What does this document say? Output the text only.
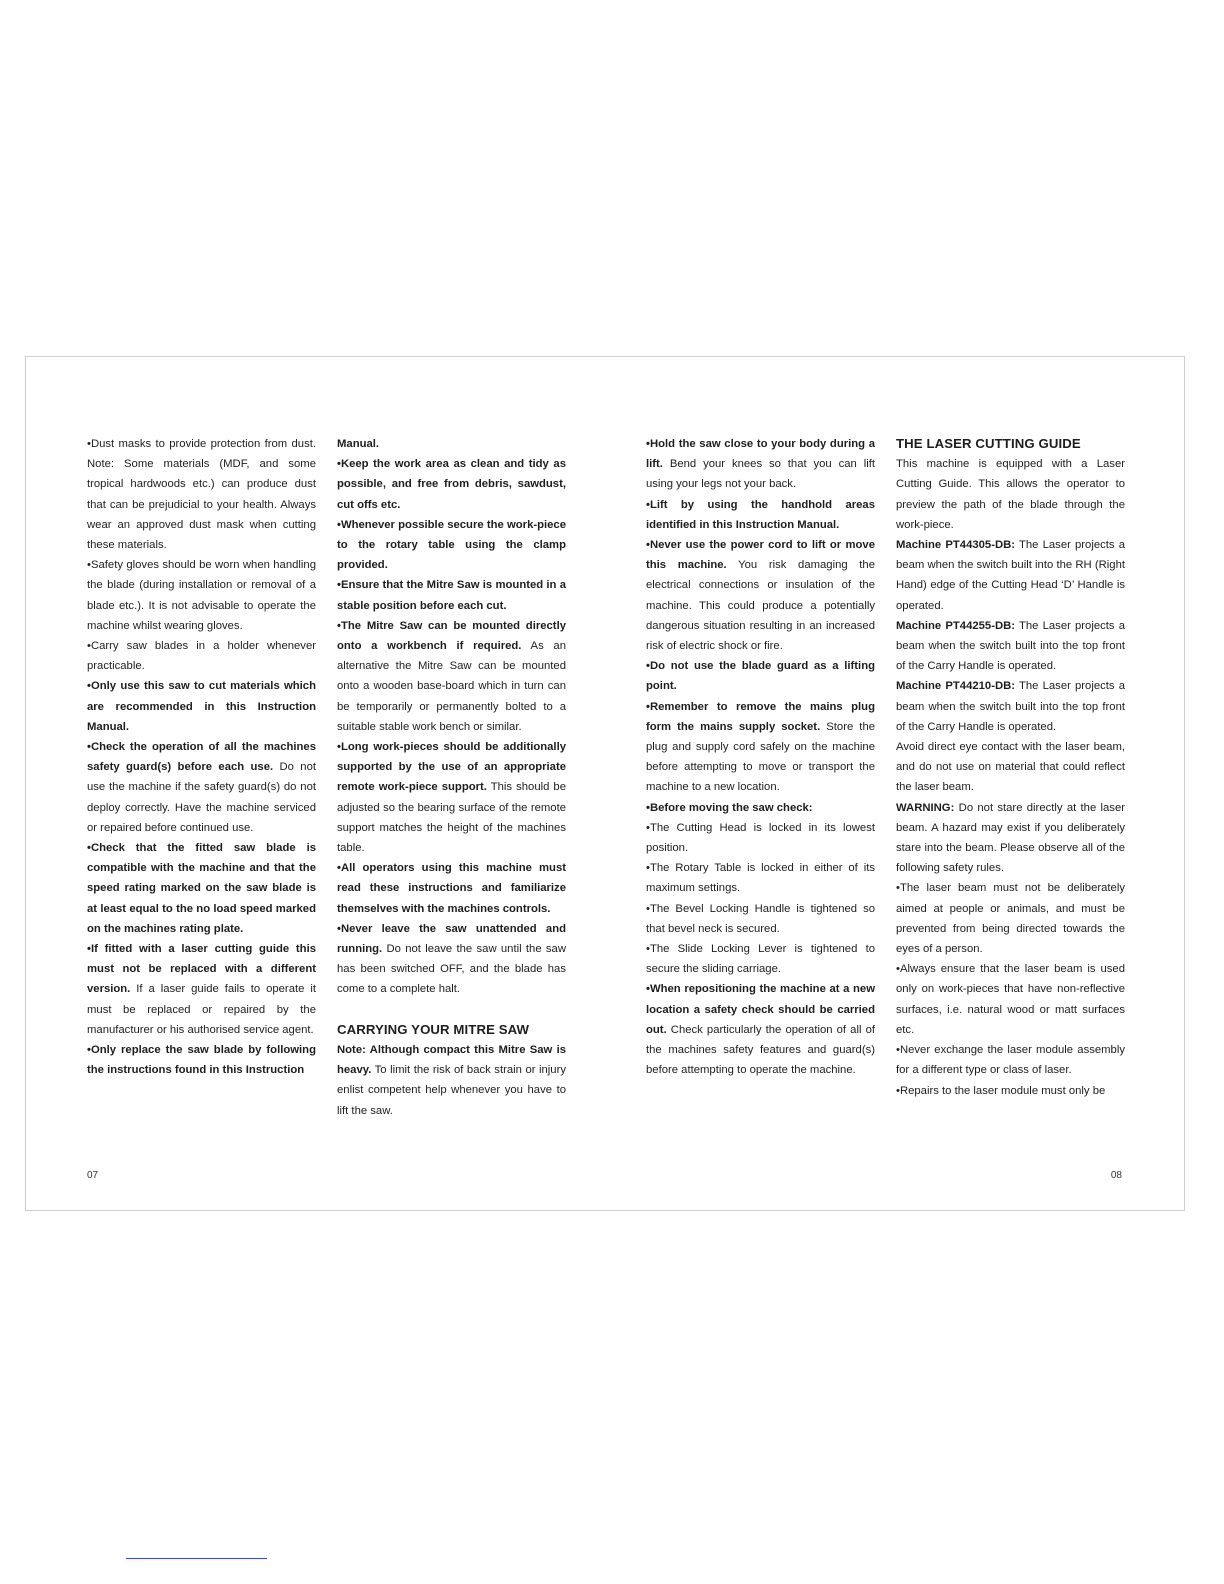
•Dust masks to provide protection from dust. Note: Some materials (MDF, and some tropical hardwoods etc.) can produce dust that can be prejudicial to your health. Always wear an approved dust mask when cutting these materials.

•Safety gloves should be worn when handling the blade (during installation or removal of a blade etc.). It is not advisable to operate the machine whilst wearing gloves.

•Carry saw blades in a holder whenever practicable.

•Only use this saw to cut materials which are recommended in this Instruction Manual.

•Check the operation of all the machines safety guard(s) before each use. Do not use the machine if the safety guard(s) do not deploy correctly. Have the machine serviced or repaired before continued use.

•Check that the fitted saw blade is compatible with the machine and that the speed rating marked on the saw blade is at least equal to the no load speed marked on the machines rating plate.

•If fitted with a laser cutting guide this must not be replaced with a different version. If a laser guide fails to operate it must be replaced or repaired by the manufacturer or his authorised service agent.

•Only replace the saw blade by following the instructions found in this Instruction

Manual.

•Keep the work area as clean and tidy as possible, and free from debris, sawdust, cut offs etc.

•Whenever possible secure the work-piece to the rotary table using the clamp provided.

•Ensure that the Mitre Saw is mounted in a stable position before each cut.

•The Mitre Saw can be mounted directly onto a workbench if required. As an alternative the Mitre Saw can be mounted onto a wooden base-board which in turn can be temporarily or permanently bolted to a suitable stable work bench or similar.

•Long work-pieces should be additionally supported by the use of an appropriate remote work-piece support. This should be adjusted so the bearing surface of the remote support matches the height of the machines table.

•All operators using this machine must read these instructions and familiarize themselves with the machines controls.

•Never leave the saw unattended and running. Do not leave the saw until the saw has been switched OFF, and the blade has come to a complete halt.

CARRYING YOUR MITRE SAW

Note: Although compact this Mitre Saw is heavy. To limit the risk of back strain or injury enlist competent help whenever you have to lift the saw.

•Hold the saw close to your body during a lift. Bend your knees so that you can lift using your legs not your back.

•Lift by using the handhold areas identified in this Instruction Manual.

•Never use the power cord to lift or move this machine. You risk damaging the electrical connections or insulation of the machine. This could produce a potentially dangerous situation resulting in an increased risk of electric shock or fire.

•Do not use the blade guard as a lifting point.

•Remember to remove the mains plug form the mains supply socket. Store the plug and supply cord safely on the machine before attempting to move or transport the machine to a new location.

•Before moving the saw check:

•The Cutting Head is locked in its lowest position.

•The Rotary Table is locked in either of its maximum settings.

•The Bevel Locking Handle is tightened so that bevel neck is secured.

•The Slide Locking Lever is tightened to secure the sliding carriage.

•When repositioning the machine at a new location a safety check should be carried out. Check particularly the operation of all of the machines safety features and guard(s) before attempting to operate the machine.

THE LASER CUTTING GUIDE

This machine is equipped with a Laser Cutting Guide. This allows the operator to preview the path of the blade through the work-piece.

Machine PT44305-DB: The Laser projects a beam when the switch built into the RH (Right Hand) edge of the Cutting Head ‘D’ Handle is operated.

Machine PT44255-DB: The Laser projects a beam when the switch built into the top front of the Carry Handle is operated.

Machine PT44210-DB: The Laser projects a beam when the switch built into the top front of the Carry Handle is operated.

Avoid direct eye contact with the laser beam, and do not use on material that could reflect the laser beam.

WARNING: Do not stare directly at the laser beam. A hazard may exist if you deliberately stare into the beam. Please observe all of the following safety rules.

•The laser beam must not be deliberately aimed at people or animals, and must be prevented from being directed towards the eyes of a person.

•Always ensure that the laser beam is used only on work-pieces that have non-reflective surfaces, i.e. natural wood or matt surfaces etc.

•Never exchange the laser module assembly for a different type or class of laser.

•Repairs to the laser module must only be

07	08
